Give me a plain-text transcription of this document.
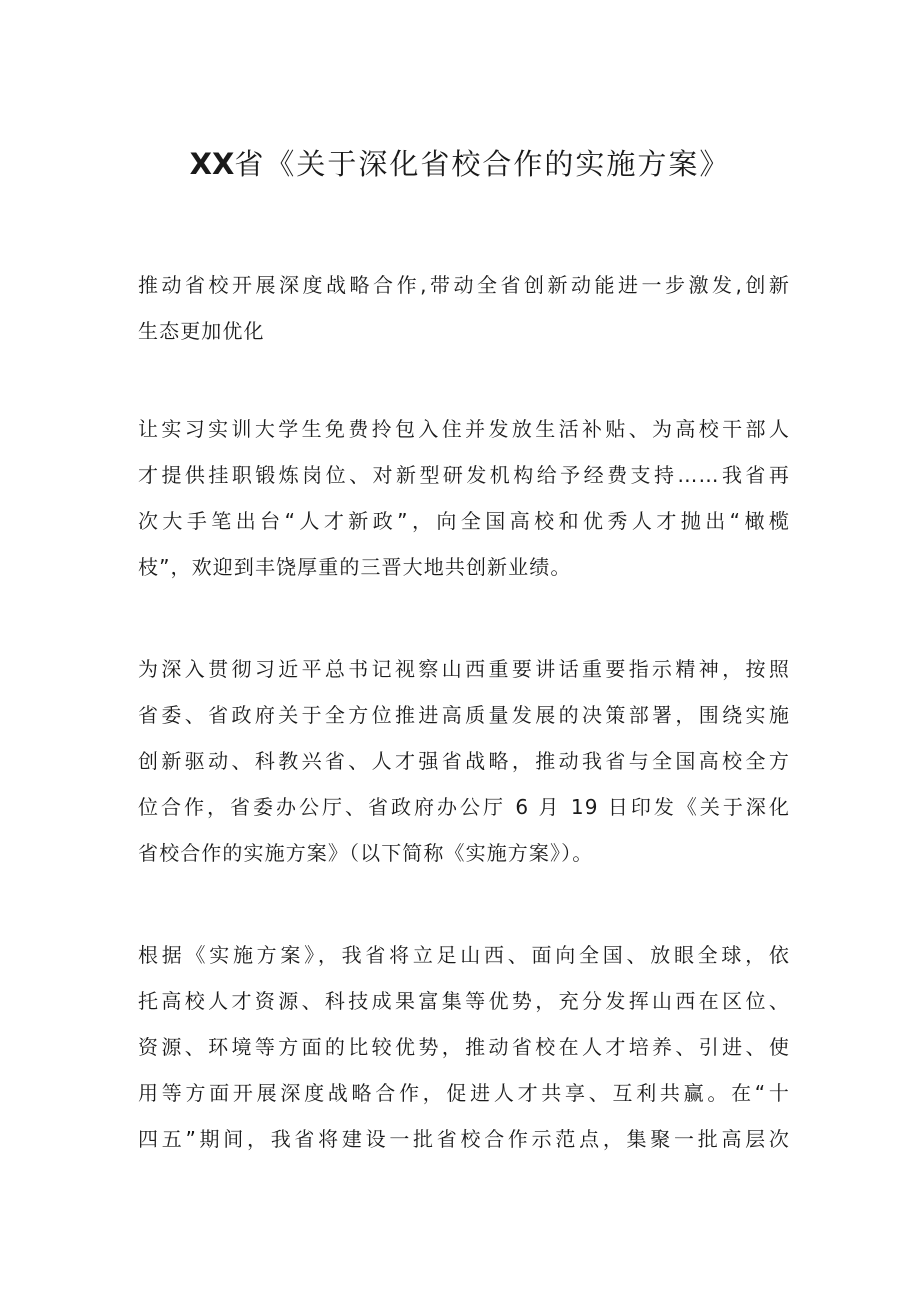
XX省《关于深化省校合作的实施方案》

推动省校开展深度战略合作,带动全省创新动能进一步激发,创新
生态更加优化

让实习实训大学生免费拎包入住并发放生活补贴、为高校干部人
才提供挂职锻炼岗位、对新型研发机构给予经费支持……我省再
次大手笔出台“人才新政”，向全国高校和优秀人才抛出“橄榄
枝”，欢迎到丰饶厚重的三晋大地共创新业绩。

为深入贯彻习近平总书记视察山西重要讲话重要指示精神，按照
省委、省政府关于全方位推进高质量发展的决策部署，围绕实施
创新驱动、科教兴省、人才强省战略，推动我省与全国高校全方
位合作，省委办公厅、省政府办公厅 6 月 19 日印发《关于深化
省校合作的实施方案》（以下简称《实施方案》）。

根据《实施方案》，我省将立足山西、面向全国、放眼全球，依
托高校人才资源、科技成果富集等优势，充分发挥山西在区位、
资源、环境等方面的比较优势，推动省校在人才培养、引进、使
用等方面开展深度战略合作，促进人才共享、互利共赢。在“十
四五”期间，我省将建设一批省校合作示范点，集聚一批高层次
